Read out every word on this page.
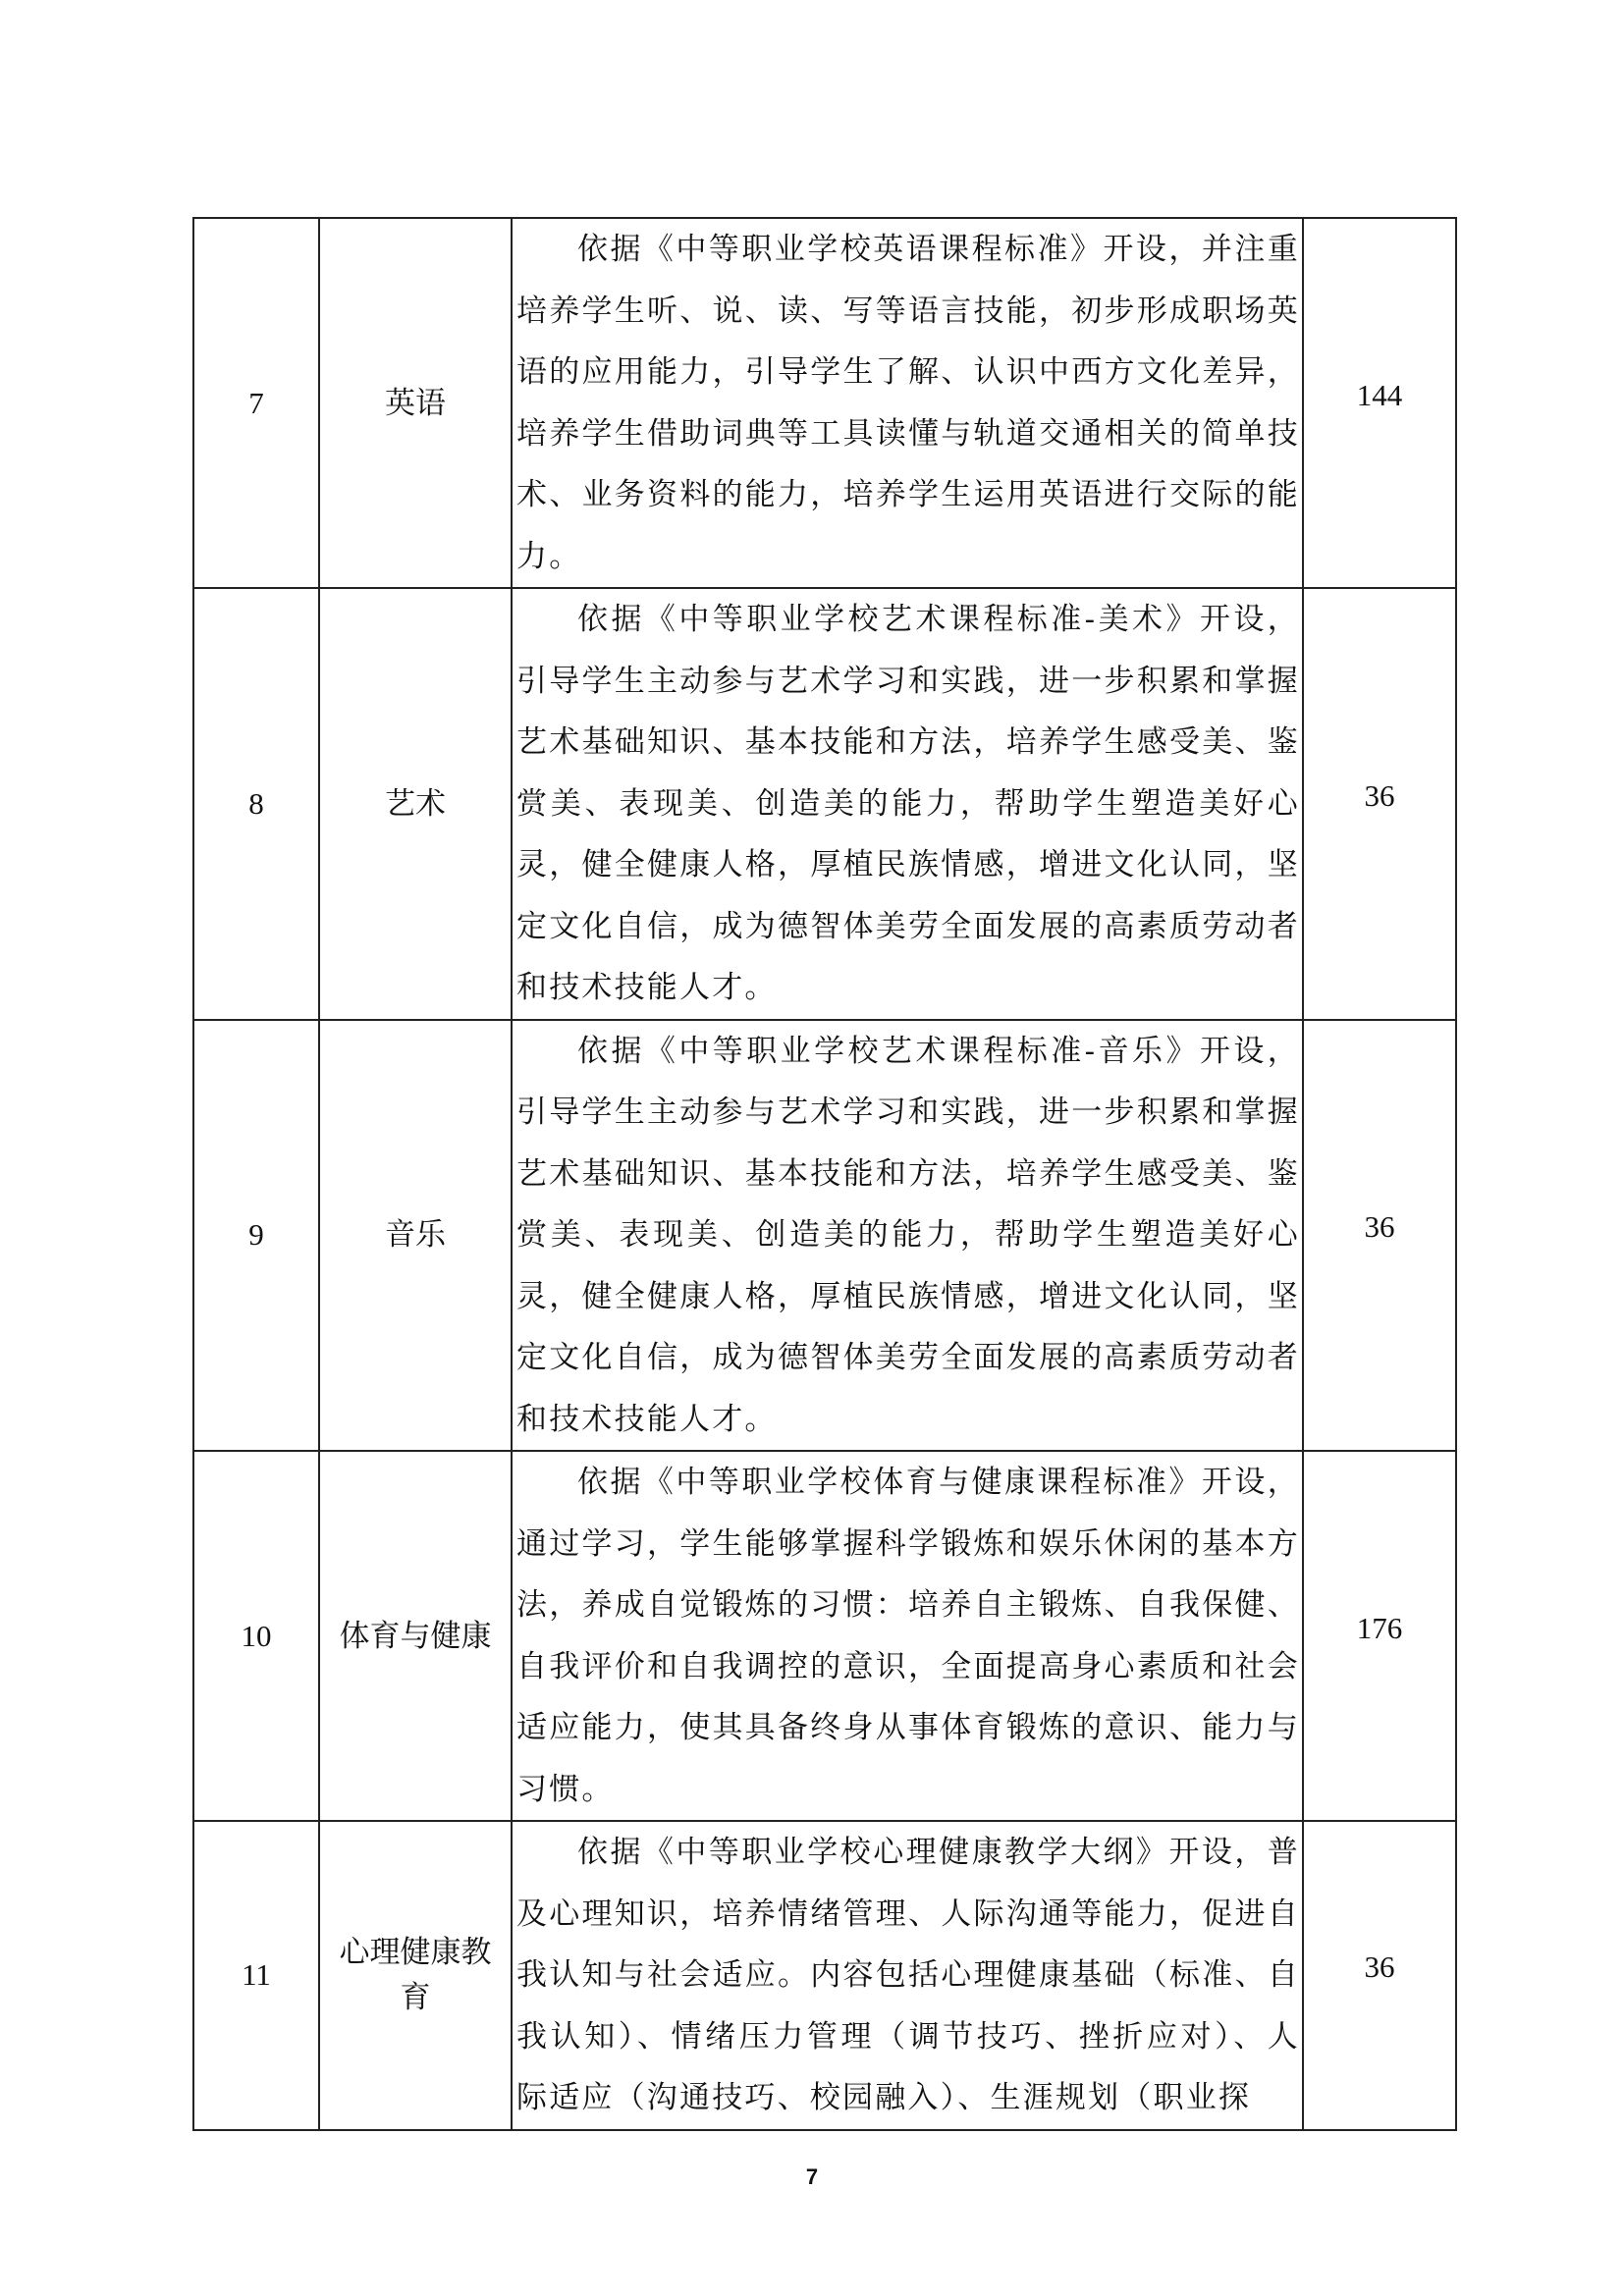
7	英语	依据《中等职业学校英语课程标准》开设，并注重培养学生听、说、读、写等语言技能，初步形成职场英语的应用能力，引导学生了解、认识中西方文化差异，培养学生借助词典等工具读懂与轨道交通相关的简单技术、业务资料的能力，培养学生运用英语进行交际的能力。	144
8	艺术	依据《中等职业学校艺术课程标准-美术》开设，引导学生主动参与艺术学习和实践，进一步积累和掌握艺术基础知识、基本技能和方法，培养学生感受美、鉴赏美、表现美、创造美的能力，帮助学生塑造美好心灵，健全健康人格，厚植民族情感，增进文化认同，坚定文化自信，成为德智体美劳全面发展的高素质劳动者和技术技能人才。	36
9	音乐	依据《中等职业学校艺术课程标准-音乐》开设，引导学生主动参与艺术学习和实践，进一步积累和掌握艺术基础知识、基本技能和方法，培养学生感受美、鉴赏美、表现美、创造美的能力，帮助学生塑造美好心灵，健全健康人格，厚植民族情感，增进文化认同，坚定文化自信，成为德智体美劳全面发展的高素质劳动者和技术技能人才。	36
10	体育与健康	依据《中等职业学校体育与健康课程标准》开设，通过学习，学生能够掌握科学锻炼和娱乐休闲的基本方法，养成自觉锻炼的习惯：培养自主锻炼、自我保健、自我评价和自我调控的意识，全面提高身心素质和社会适应能力，使其具备终身从事体育锻炼的意识、能力与习惯。	176
11	心理健康教育	依据《中等职业学校心理健康教学大纲》开设，普及心理知识，培养情绪管理、人际沟通等能力，促进自我认知与社会适应。内容包括心理健康基础（标准、自我认知）、情绪压力管理（调节技巧、挫折应对）、人际适应（沟通技巧、校园融入）、生涯规划（职业探	36
7
